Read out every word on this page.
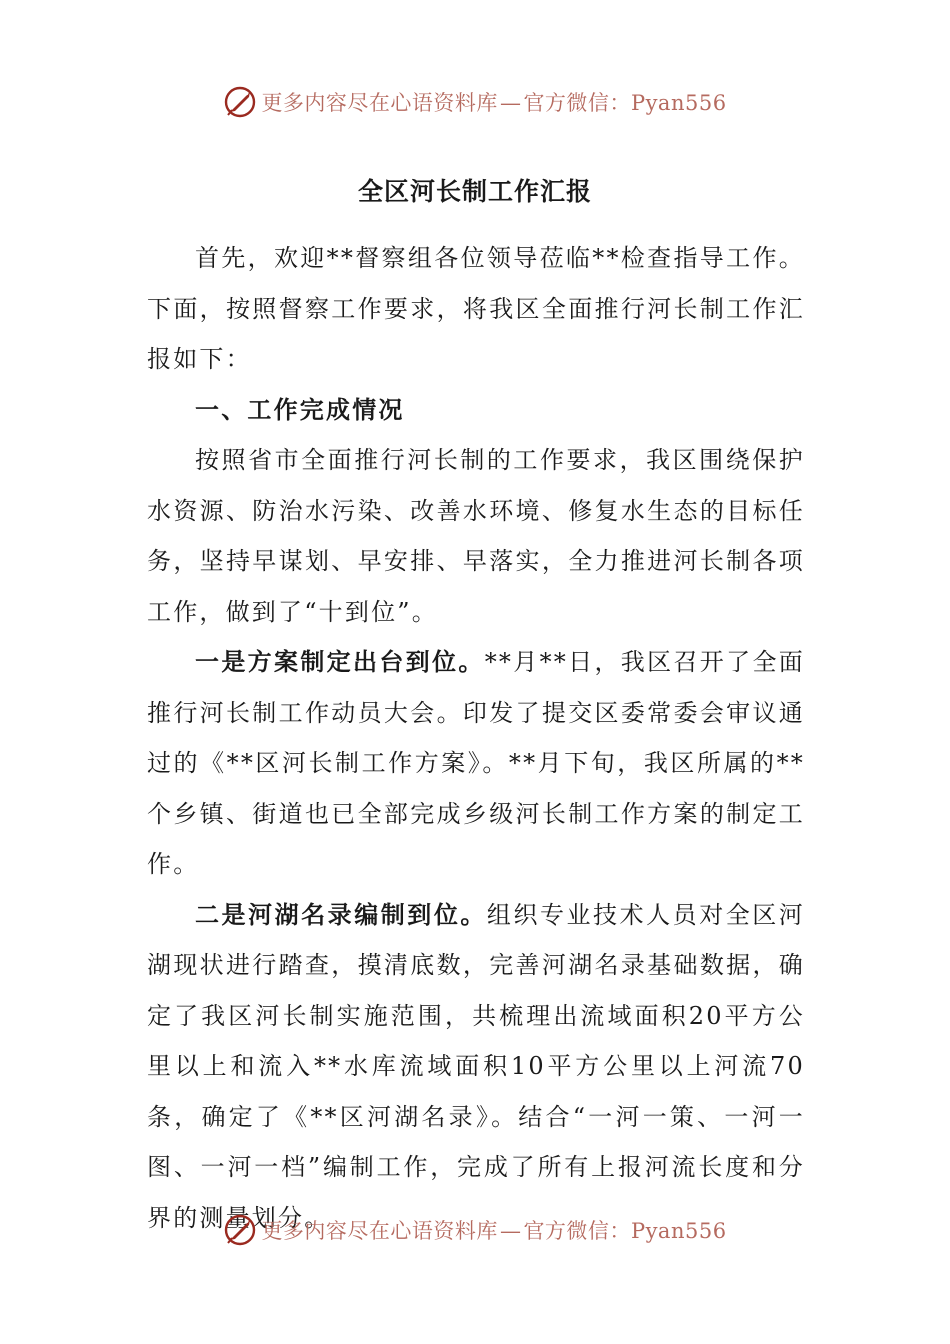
更多内容尽在心语资料库—官方微信：Pyan556
全区河长制工作汇报

首先，欢迎**督察组各位领导莅临**检查指导工作。下面，按照督察工作要求，将我区全面推行河长制工作汇报如下：

一、工作完成情况

按照省市全面推行河长制的工作要求，我区围绕保护水资源、防治水污染、改善水环境、修复水生态的目标任务，坚持早谋划、早安排、早落实，全力推进河长制各项工作，做到了“十到位”。

一是方案制定出台到位。**月**日，我区召开了全面推行河长制工作动员大会。印发了提交区委常委会审议通过的《**区河长制工作方案》。**月下旬，我区所属的**个乡镇、街道也已全部完成乡级河长制工作方案的制定工作。

二是河湖名录编制到位。组织专业技术人员对全区河湖现状进行踏查，摸清底数，完善河湖名录基础数据，确定了我区河长制实施范围，共梳理出流域面积20平方公里以上和流入**水库流域面积10平方公里以上河流70条，确定了《**区河湖名录》。结合“一河一策、一河一图、一河一档”编制工作，完成了所有上报河流长度和分界的测量划分。

更多内容尽在心语资料库—官方微信：Pyan556
